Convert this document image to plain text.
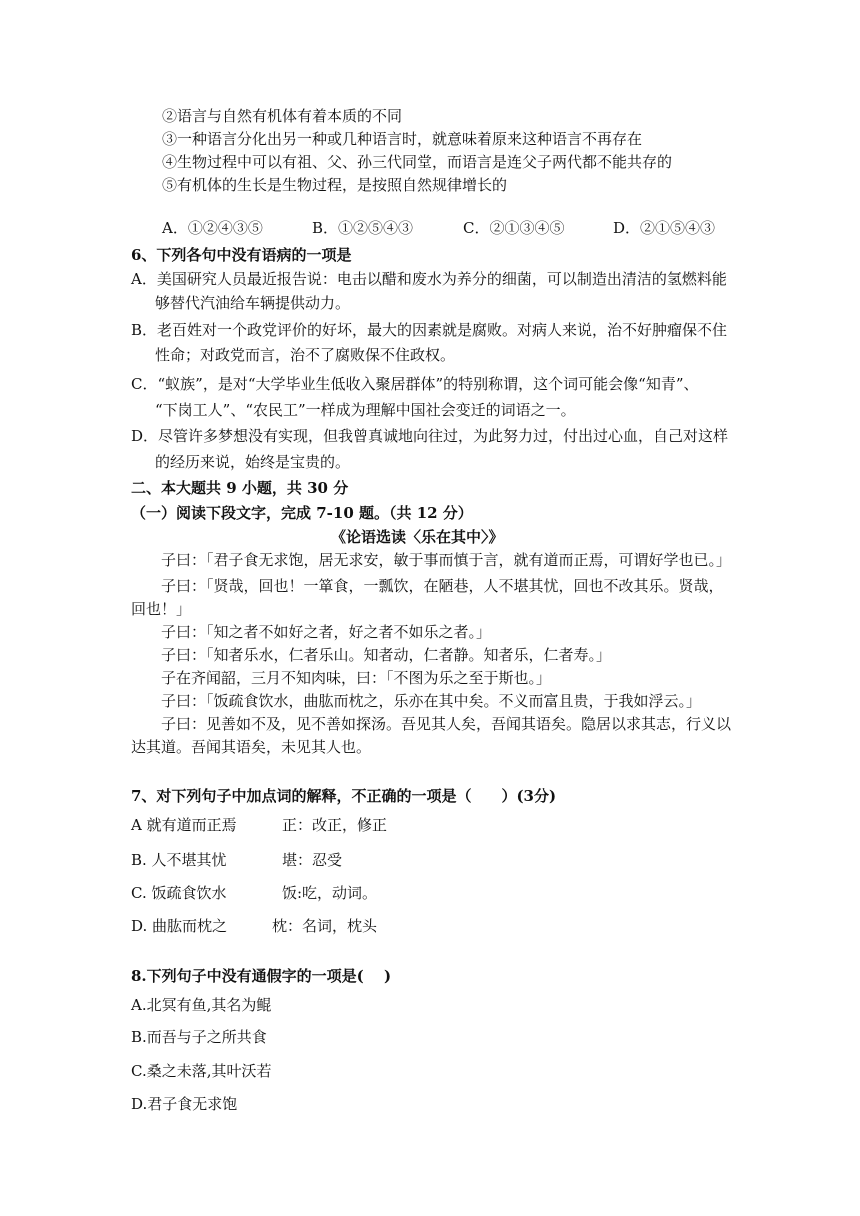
②语言与自然有机体有着本质的不同
③一种语言分化出另一种或几种语言时，就意味着原来这种语言不再存在
④生物过程中可以有祖、父、孙三代同堂，而语言是连父子两代都不能共存的
⑤有机体的生长是生物过程，是按照自然规律增长的
A．①②④③⑤	B．①②⑤④③	C．②①③④⑤	D．②①⑤④③
6、下列各句中没有语病的一项是
A．美国研究人员最近报告说：电击以醋和废水为养分的细菌，可以制造出清洁的氢燃料能
够替代汽油给车辆提供动力。
B．老百姓对一个政党评价的好坏，最大的因素就是腐败。对病人来说，治不好肿瘤保不住
性命；对政党而言，治不了腐败保不住政权。
C．“蚁族”，是对“大学毕业生低收入聚居群体”的特别称谓，这个词可能会像“知青”、
“下岗工人”、“农民工”一样成为理解中国社会变迁的词语之一。
D．尽管许多梦想没有实现，但我曾真诚地向往过，为此努力过，付出过心血，自己对这样
的经历来说，始终是宝贵的。
二、本大题共 9 小题，共 30 分
（一）阅读下段文字，完成 7-10 题。（共 12 分）
《论语选读〈乐在其中〉》
子曰：「君子食无求饱，居无求安，敏于事而慎于言，就有道而正焉，可谓好学也已。」
子曰：「贤哉，回也！一箪食，一瓢饮，在陋巷，人不堪其忧，回也不改其乐。贤哉，
回也！」
子曰：「知之者不如好之者，好之者不如乐之者。」
子曰：「知者乐水，仁者乐山。知者动，仁者静。知者乐，仁者寿。」
子在齐闻韶，三月不知肉味，曰：「不图为乐之至于斯也。」
子曰：「饭疏食饮水，曲肱而枕之，乐亦在其中矣。不义而富且贵，于我如浮云。」
子曰：见善如不及，见不善如探汤。吾见其人矣，吾闻其语矣。隐居以求其志，行义以
达其道。吾闻其语矣，未见其人也。
7、对下列句子中加点词的解释，不正确的一项是（　　）(3分)
A 就有道而正焉	正：改正，修正
B. 人不堪其忧	堪：忍受
C. 饭疏食饮水	饭:吃，动词。
D. 曲肱而枕之	枕：名词，枕头
8.下列句子中没有通假字的一项是(　 )
A.北冥有鱼,其名为鲲
B.而吾与子之所共食
C.桑之未落,其叶沃若
D.君子食无求饱
